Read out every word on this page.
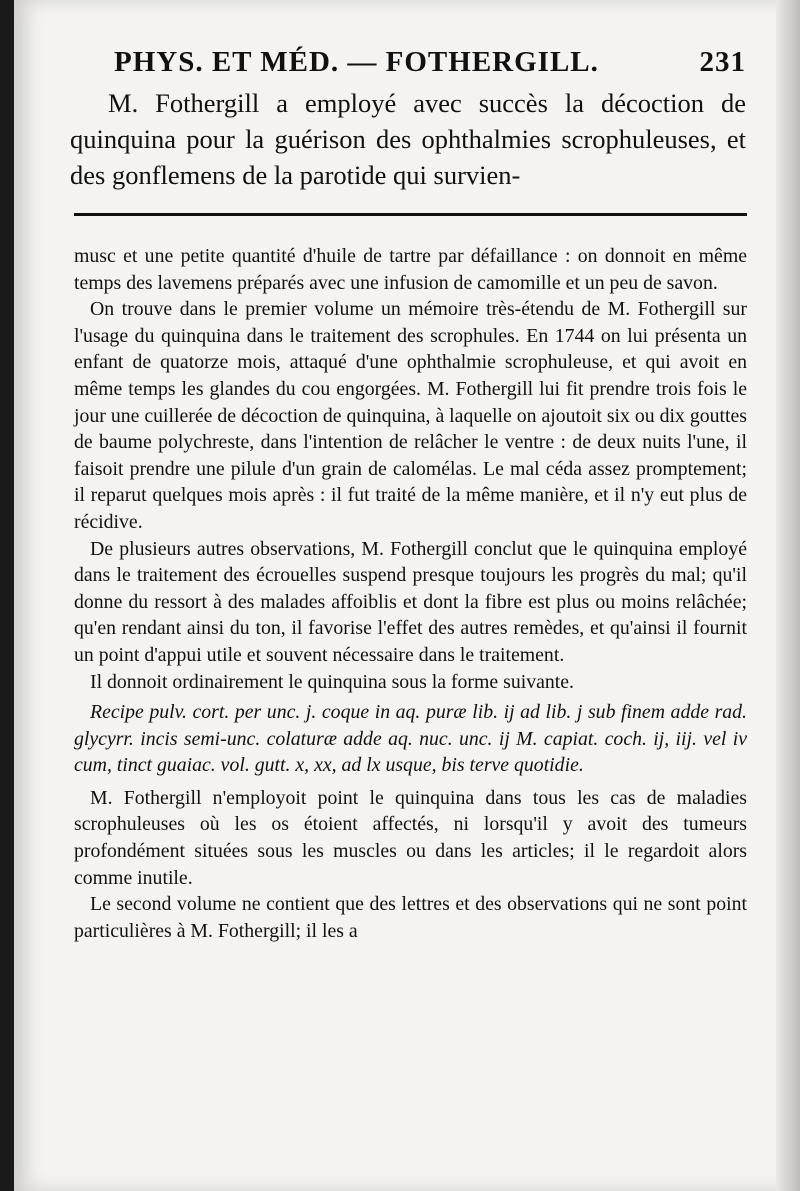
PHYS. ET MÉD. — FOTHERGILL.	231

M. Fothergill a employé avec succès la décoction de quinquina pour la guérison des ophthalmies scrophuleuses, et des gonflemens de la parotide qui survien-

musc et une petite quantité d'huile de tartre par défaillance : on donnoit en même temps des lavemens préparés avec une infusion de camomille et un peu de savon.

On trouve dans le premier volume un mémoire très-étendu de M. Fothergill sur l'usage du quinquina dans le traitement des scrophules. En 1744 on lui présenta un enfant de quatorze mois, attaqué d'une ophthalmie scrophuleuse, et qui avoit en même temps les glandes du cou engorgées. M. Fothergill lui fit prendre trois fois le jour une cuillerée de décoction de quinquina, à laquelle on ajoutoit six ou dix gouttes de baume polychreste, dans l'intention de relâcher le ventre : de deux nuits l'une, il faisoit prendre une pilule d'un grain de calomélas. Le mal céda assez promptement; il reparut quelques mois après : il fut traité de la même manière, et il n'y eut plus de récidive.

De plusieurs autres observations, M. Fothergill conclut que le quinquina employé dans le traitement des écrouelles suspend presque toujours les progrès du mal; qu'il donne du ressort à des malades affoiblis et dont la fibre est plus ou moins relâchée; qu'en rendant ainsi du ton, il favorise l'effet des autres remèdes, et qu'ainsi il fournit un point d'appui utile et souvent nécessaire dans le traitement.

Il donnoit ordinairement le quinquina sous la forme suivante.

Recipe pulv. cort. per unc. j. coque in aq. puræ lib. ij ad lib. j sub finem adde rad. glycyrr. incis semi-unc. colaturæ adde aq. nuc. unc. ij M. capiat. coch. ij, iij. vel iv cum, tinct guaiac. vol. gutt. x, xx, ad lx usque, bis terve quotidie.

M. Fothergill n'employoit point le quinquina dans tous les cas de maladies scrophuleuses où les os étoient affectés, ni lorsqu'il y avoit des tumeurs profondément situées sous les muscles ou dans les articles; il le regardoit alors comme inutile.

Le second volume ne contient que des lettres et des observations qui ne sont point particulières à M. Fothergill; il les a
